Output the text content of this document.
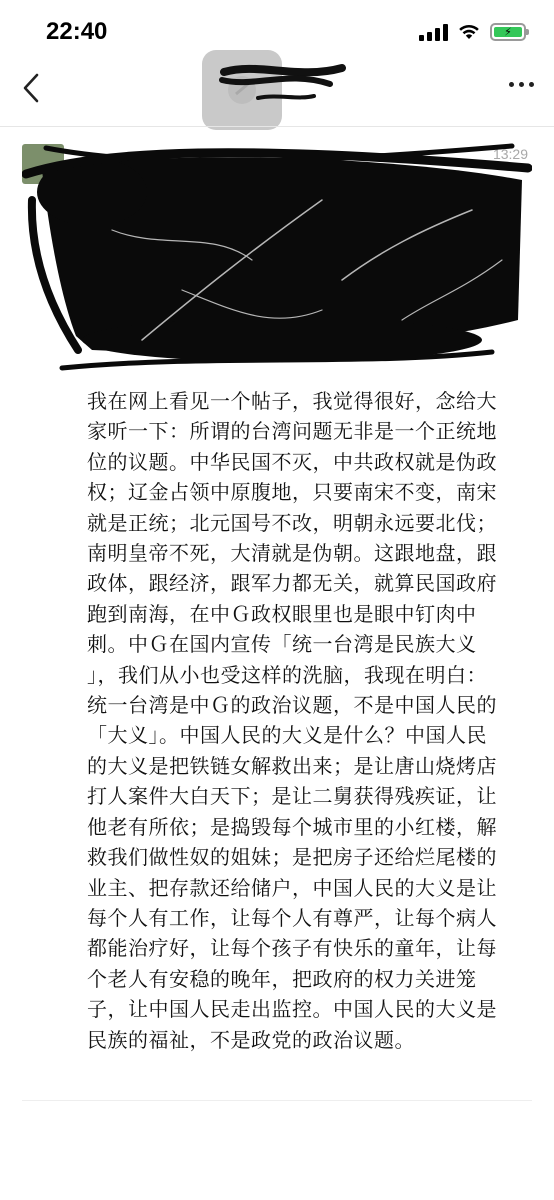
22:40	⚡
13:29

我在网上看见一个帖子，我觉得很好，念给大

家听一下：所谓的台湾问题无非是一个正统地

位的议题。中华民国不灭，中共政权就是伪政

权；辽金占领中原腹地，只要南宋不变，南宋

就是正统；北元国号不改，明朝永远要北伐；

南明皇帝不死，大清就是伪朝。这跟地盘，跟

政体，跟经济，跟军力都无关，就算民国政府

跑到南海，在中Ｇ政权眼里也是眼中钉肉中

刺。中Ｇ在国内宣传「统一台湾是民族大义

」，我们从小也受这样的洗脑，我现在明白：

统一台湾是中Ｇ的政治议题，不是中国人民的

「大义」。中国人民的大义是什么？中国人民

的大义是把铁链女解救出来；是让唐山烧烤店

打人案件大白天下；是让二舅获得残疾证，让

他老有所依；是捣毁每个城市里的小红楼，解

救我们做性奴的姐妹；是把房子还给烂尾楼的

业主、把存款还给储户，中国人民的大义是让

每个人有工作，让每个人有尊严，让每个病人

都能治疗好，让每个孩子有快乐的童年，让每

个老人有安稳的晚年，把政府的权力关进笼

子，让中国人民走出监控。中国人民的大义是

民族的福祉，不是政党的政治议题。
